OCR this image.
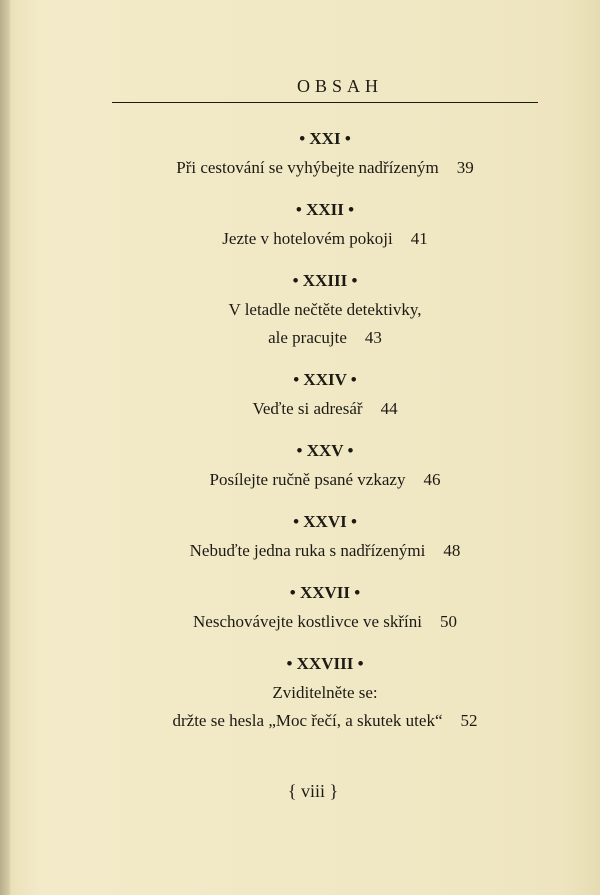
OBSAH
• XXI •
Při cestování se vyhýbejte nadřízeným 39
• XXII •
Jezte v hotelovém pokoji 41
• XXIII •
V letadle nečtěte detektivky,
ale pracujte 43
• XXIV •
Veďte si adresář 44
• XXV •
Posílejte ručně psané vzkazy 46
• XXVI •
Nebuďte jedna ruka s nadřízenými 48
• XXVII •
Neschovávejte kostlivce ve skříni 50
• XXVIII •
Zviditelněte se:
držte se hesla „Moc řečí, a skutek utek“ 52
{ viii }
